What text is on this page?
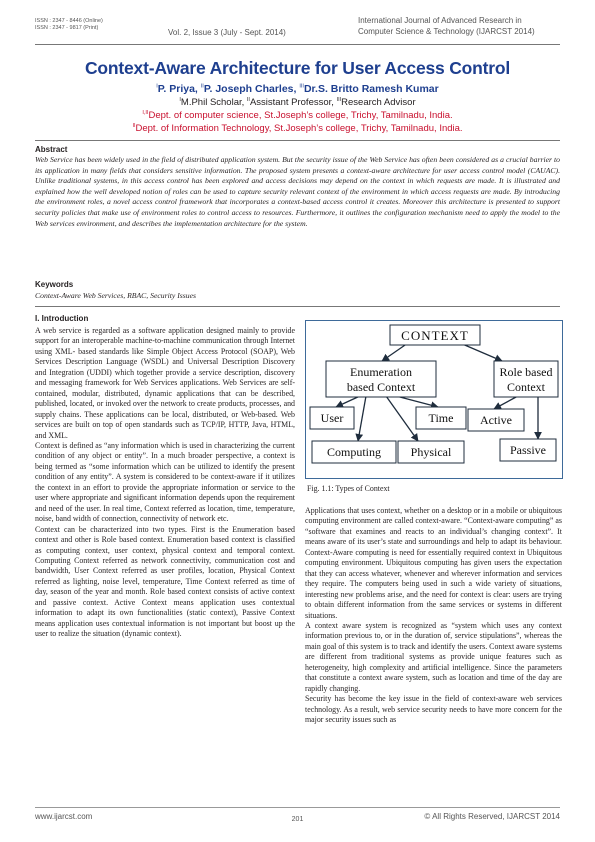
ISSN : 2347 - 8446 (Online)
ISSN : 2347 - 9817 (Print)	Vol. 2, Issue 3 (July - Sept. 2014)
International Journal of Advanced Research in
Computer Science & Technology (IJARCST 2014)
Context-Aware Architecture for User Access Control
$^I$P. Priya, $^{II}$P. Joseph Charles, $^{III}$Dr.S. Britto Ramesh Kumar
$^I$M.Phil Scholar, $^{II}$Assistant Professor, $^{III}$Research Advisor
$^{I,II}$Dept. of computer science, St.Joseph’s college, Trichy, Tamilnadu, India.
$^{II}$Dept. of Information Technology, St.Joseph’s college, Trichy, Tamilnadu, India.
Abstract
Web Service has been widely used in the field of distributed application system. But the security issue of the Web Service has often been considered as a crucial barrier to its application in many fields that considers sensitive information. The proposed system presents a context-aware architecture for user access control model (CAUAC). Unlike traditional systems, in this access control has been explored and access decisions may depend on the context in which requests are made. It is illustrated and explained how the well developed notion of roles can be used to capture security relevant context of the environment in which access requests are made. By introducing the environment roles, a novel access control framework that incorporates a context-based access control it creates. Moreover this architecture is presented to support security policies that make use of environment roles to control access to resources. Furthermore, it outlines the configuration mechanism need to apply the model to the Web services environment, and describes the implementation architecture for the system.
Keywords
Context-Aware Web Services, RBAC, Security Issues
I. Introduction

A web service is regarded as a software application designed mainly to provide support for an interoperable machine-to-machine communication through Internet using XML- based standards like Simple Object Access Protocol (SOAP), Web Services Description Language (WSDL) and Universal Description Discovery and Integration (UDDI) which together provide a service description, discovery and messaging framework for Web Services applications. Web Services are self-contained, modular, distributed, dynamic applications that can be described, published, located, or invoked over the network to create products, processes, and supply chains. These applications can be local, distributed, or Web-based. Web services are built on top of open standards such as TCP/IP, HTTP, Java, HTML, and XML.

Context is defined as “any information which is used in characterizing the current condition of any object or entity”. In a much broader perspective, a context is being termed as “some information which can be utilized to identify the present condition of any entity”. A system is considered to be context-aware if it utilizes the context in an effort to provide the appropriate information or service to the user where appropriate and significant information depends upon the requirement and need of the user. In real time, Context referred as location, time, temperature, noise, band width of connection, connectivity of network etc.

Context can be characterized into two types. First is the Enumeration based context and other is Role based context. Enumeration based context is classified as computing context, user context, physical context and temporal context. Computing Context referred as network connectivity, communication cost and bandwidth, User Context referred as user profiles, location, Physical Context referred as lighting, noise level, temperature, Time Context referred as time of day, season of the year and month. Role based context consists of active context and passive context. Active Context means application uses contextual information to adapt its own functionalities (static context), Passive Context means application uses contextual information is not important but boost up the user to realize the situation (dynamic context).

CONTEXT
Enumeration
based Context
Role based
Context
User	Time Active
Computing Physical	Passive
Fig. 1.1: Types of Context

Applications that uses context, whether on a desktop or in a mobile or ubiquitous computing environment are called context-aware. “Context-aware computing” as “software that examines and reacts to an individual’s changing context”. It means aware of its user’s state and surroundings and help to adapt its behaviour. Context-Aware computing is need for essentially required context in Ubiquitous computing environment. Ubiquitous computing has given users the expectation that they can access whatever, whenever and wherever information and services they require. The computers being used in such a wide variety of situations, interesting new problems arise, and the need for context is clear: users are trying to obtain different information from the same services or systems in different situations.

A context aware system is recognized as “system which uses any context information previous to, or in the duration of, service stipulations”, whereas the main goal of this system is to track and identify the users. Context aware systems are different from traditional systems as provide unique features such as heterogeneity, high complexity and artificial intelligence. Since the parameters that constitute a context aware system, such as location and time of the day are rapidly changing.

Security has become the key issue in the field of context-aware web services technology. As a result, web service security needs to have more concern for the major security issues such as

www.ijarcst.com	201	© All Rights Reserved, IJARCST 2014
